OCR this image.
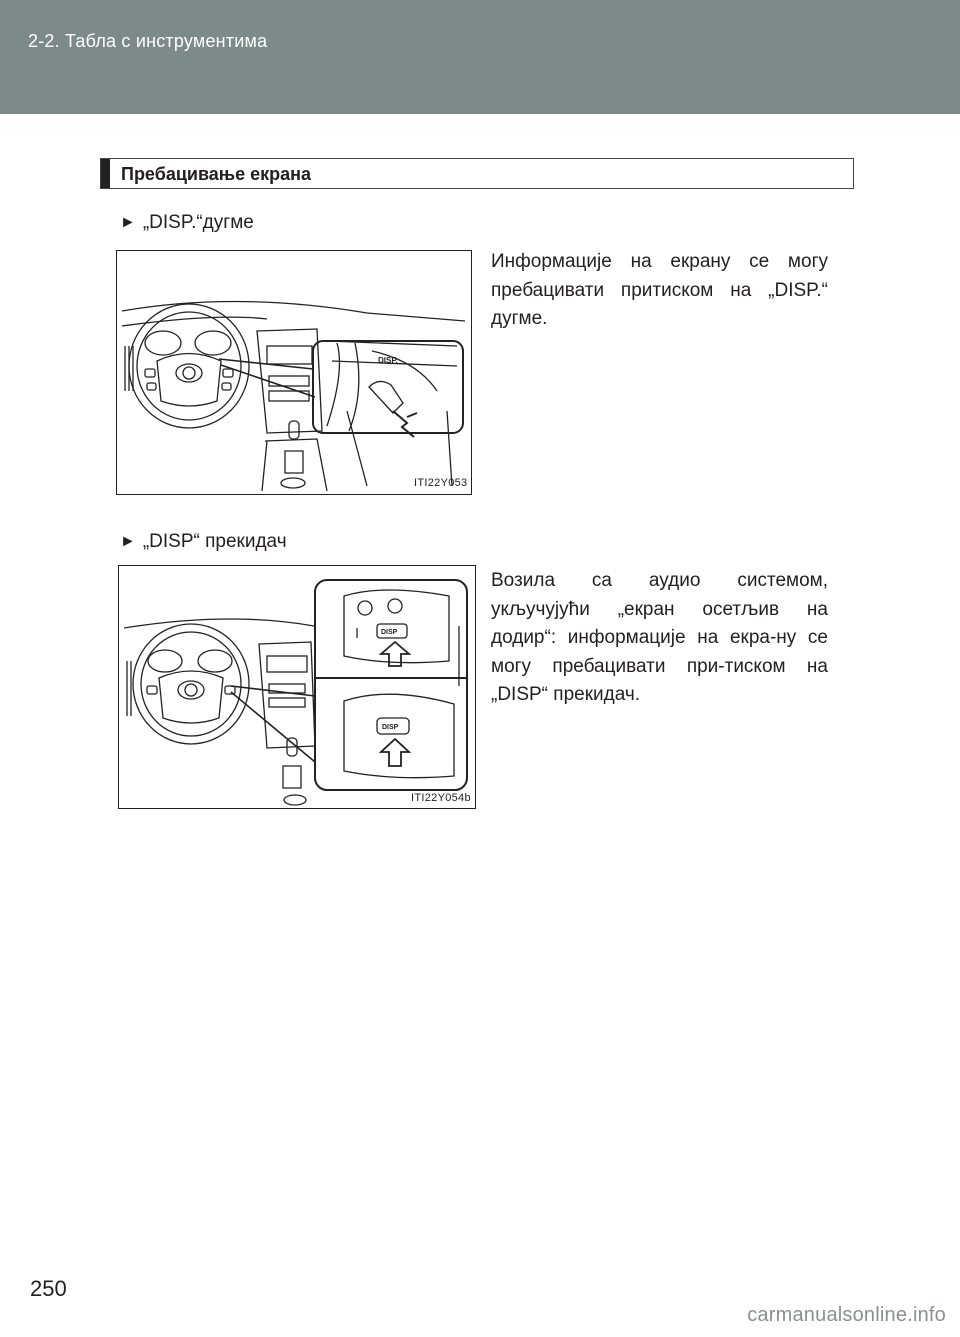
2-2. Табла с инструментима
Пребацивање екрана
► „DISP.“дугме
DISP.
ITI22Y053
Информације на екрану се могу пребацивати притиском на „DISP.“ дугме.
► „DISP“ прекидач
DISP
DISP
ITI22Y054b
Возила са аудио системом, укључујући „екран осетљив на додир“: информације на екра-ну се могу пребацивати при-тиском на „DISP“ прекидач.
250
carmanualsonline.info
